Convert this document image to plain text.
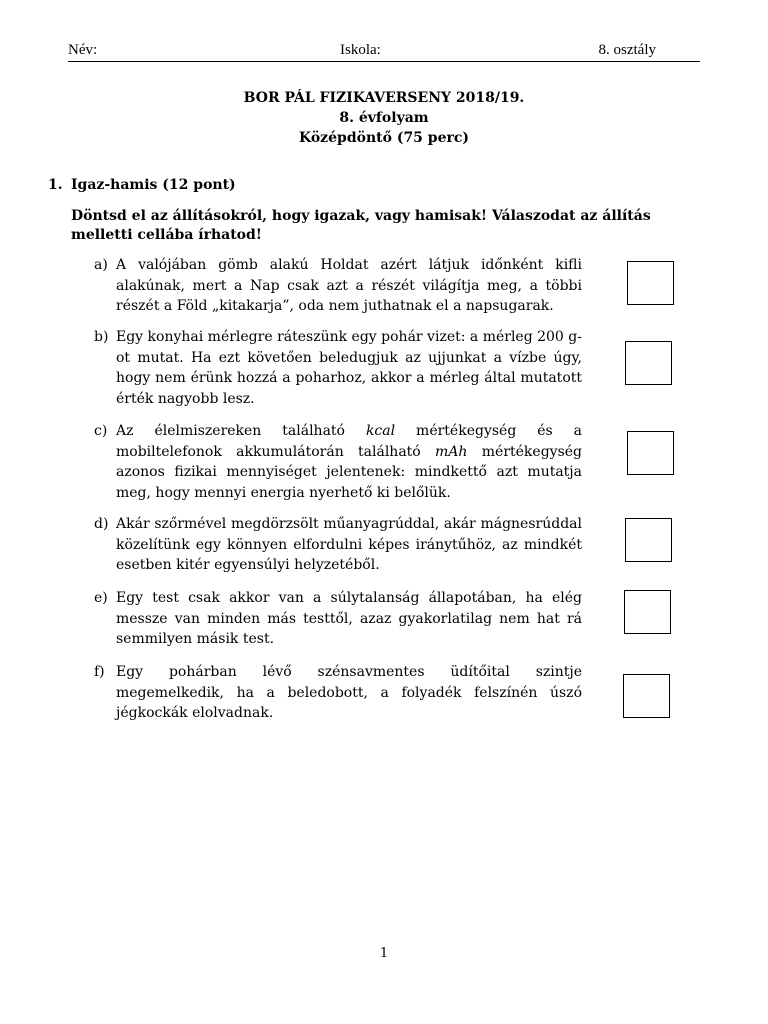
Név:	Iskola:	8. osztály
BOR PÁL FIZIKAVERSENY 2018/19.
8. évfolyam
Középdöntő (75 perc)
1. Igaz-hamis (12 pont)
Döntsd el az állításokról, hogy igazak, vagy hamisak! Válaszodat az állítás melletti cellába írhatod!
a) A valójában gömb alakú Holdat azért látjuk időnként kifli alakúnak, mert a Nap csak azt a részét világítja meg, a többi részét a Föld „kitakarja”, oda nem juthatnak el a napsugarak.
b) Egy konyhai mérlegre ráteszünk egy pohár vizet: a mérleg 200 g-ot mutat. Ha ezt követően beledugjuk az ujjunkat a vízbe úgy, hogy nem érünk hozzá a poharhoz, akkor a mérleg által mutatott érték nagyobb lesz.
c) Az élelmiszereken található kcal mértékegység és a mobiltelefonok akkumulátorán található mAh mértékegység azonos fizikai mennyiséget jelentenek: mindkettő azt mutatja meg, hogy mennyi energia nyerhető ki belőlük.
d) Akár szőrmével megdörzsölt műanyagrúddal, akár mágnesrúddal közelítünk egy könnyen elfordulni képes iránytűhöz, az mindkét esetben kitér egyensúlyi helyzetéből.
e) Egy test csak akkor van a súlytalanság állapotában, ha elég messze van minden más testtől, azaz gyakorlatilag nem hat rá semmilyen másik test.
f) Egy pohárban lévő szénsavmentes üdítőital szintje megemelkedik, ha a beledobott, a folyadék felszínén úszó jégkockák elolvadnak.
1
